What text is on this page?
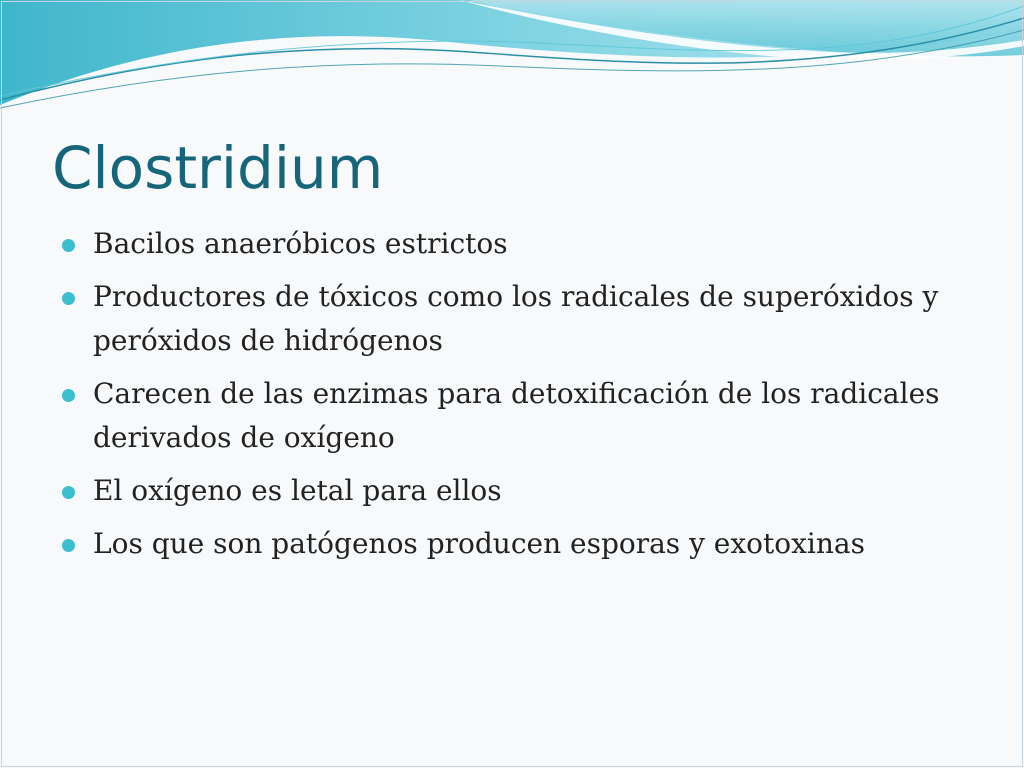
Clostridium
Bacilos anaeróbicos estrictos
Productores de tóxicos como los radicales de superóxidos y peróxidos de hidrógenos
Carecen de las enzimas para detoxificación de los radicales derivados de oxígeno
El oxígeno es letal para ellos
Los que son patógenos producen esporas y exotoxinas
